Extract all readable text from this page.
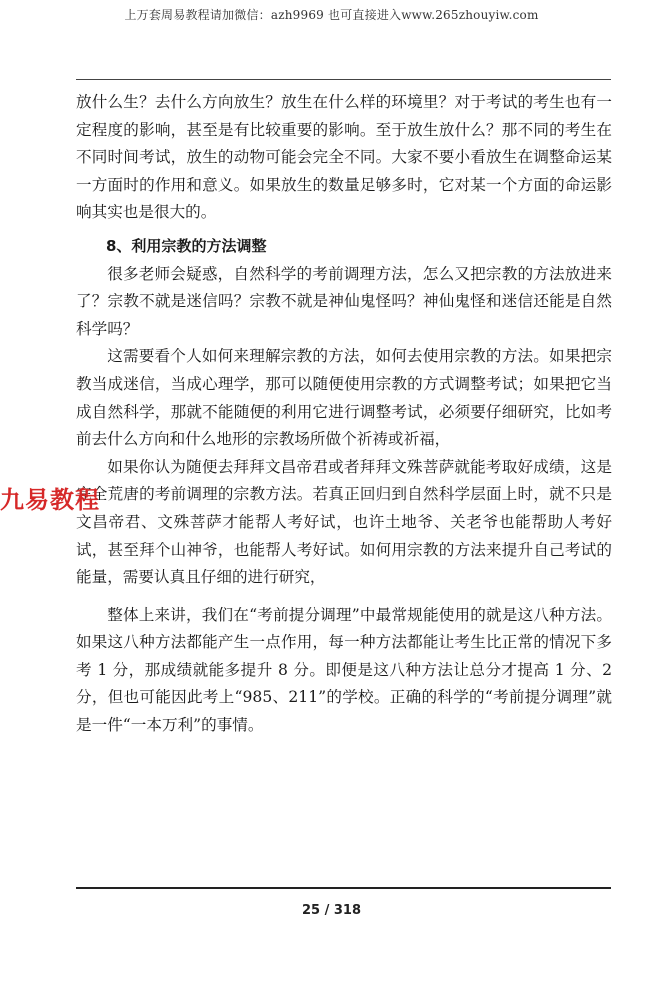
上万套周易教程请加微信：azh9969 也可直接进入www.265zhouyiw.com

放什么生？去什么方向放生？放生在什么样的环境里？对于考试的考生也有一定程度的影响，甚至是有比较重要的影响。至于放生放什么？那不同的考生在不同时间考试，放生的动物可能会完全不同。大家不要小看放生在调整命运某一方面时的作用和意义。如果放生的数量足够多时，它对某一个方面的命运影响其实也是很大的。

8、利用宗教的方法调整

很多老师会疑惑，自然科学的考前调理方法，怎么又把宗教的方法放进来了？宗教不就是迷信吗？宗教不就是神仙鬼怪吗？神仙鬼怪和迷信还能是自然科学吗？

这需要看个人如何来理解宗教的方法，如何去使用宗教的方法。如果把宗教当成迷信，当成心理学，那可以随便使用宗教的方式调整考试；如果把它当成自然科学，那就不能随便的利用它进行调整考试，必须要仔细研究，比如考前去什么方向和什么地形的宗教场所做个祈祷或祈福，

如果你认为随便去拜拜文昌帝君或者拜拜文殊菩萨就能考取好成绩，这是完全荒唐的考前调理的宗教方法。若真正回归到自然科学层面上时，就不只是文昌帝君、文殊菩萨才能帮人考好试，也许土地爷、关老爷也能帮助人考好试，甚至拜个山神爷，也能帮人考好试。如何用宗教的方法来提升自己考试的能量，需要认真且仔细的进行研究，

整体上来讲，我们在“考前提分调理”中最常规能使用的就是这八种方法。如果这八种方法都能产生一点作用，每一种方法都能让考生比正常的情况下多考 1 分，那成绩就能多提升 8 分。即便是这八种方法让总分才提高 1 分、2 分，但也可能因此考上“985、211”的学校。正确的科学的“考前提分调理”就是一件“一本万利”的事情。

九易教程
25 / 318
